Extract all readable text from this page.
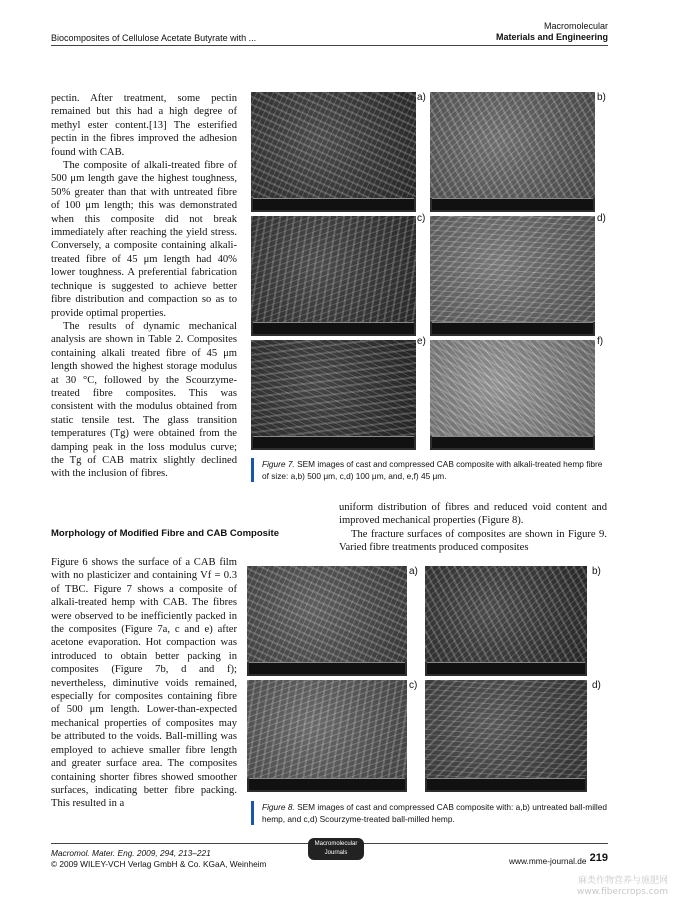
Biocomposites of Cellulose Acetate Butyrate with ...
Macromolecular
Materials and Engineering

pectin. After treatment, some pectin remained but this had a high degree of methyl ester content.[13] The esterified pectin in the fibres improved the adhesion found with CAB.

The composite of alkali-treated fibre of 500 μm length gave the highest toughness, 50% greater than that with untreated fibre of 100 μm length; this was demonstrated when this composite did not break immediately after reaching the yield stress. Conversely, a composite containing alkali-treated fibre of 45 μm length had 40% lower toughness. A preferential fabrication technique is suggested to achieve better fibre distribution and compaction so as to provide optimal properties.

The results of dynamic mechanical analysis are shown in Table 2. Composites containing alkali treated fibre of 45 μm length showed the highest storage modulus at 30 °C, followed by the Scourzyme-treated fibre composites. This was consistent with the modulus obtained from static tensile test. The glass transition temperatures (Tg) were obtained from the damping peak in the loss modulus curve; the Tg of CAB matrix slightly declined with the inclusion of fibres.

Morphology of Modified Fibre and CAB Composite

Figure 6 shows the surface of a CAB film with no plasticizer and containing Vf = 0.3 of TBC. Figure 7 shows a composite of alkali-treated hemp with CAB. The fibres were observed to be inefficiently packed in the composites (Figure 7a, c and e) after acetone evaporation. Hot compaction was introduced to obtain better packing in composites (Figure 7b, d and f); nevertheless, diminutive voids remained, especially for composites containing fibre of 500 μm length. Lower-than-expected mechanical properties of composites may be attributed to the voids. Ball-milling was employed to achieve smaller fibre length and greater surface area. The composites containing shorter fibres showed smoother surfaces, indicating better fibre packing. This resulted in a

a)	b)
c)	d)
e)	f)
Figure 7. SEM images of cast and compressed CAB composite with alkali-treated hemp fibre of size: a,b) 500 μm, c,d) 100 μm, and, e,f) 45 μm.

uniform distribution of fibres and reduced void content and improved mechanical properties (Figure 8).

The fracture surfaces of composites are shown in Figure 9. Varied fibre treatments produced composites

a)	b)
c)	d)
Figure 8. SEM images of cast and compressed CAB composite with: a,b) untreated ball-milled hemp, and c,d) Scourzyme-treated ball-milled hemp.
Macromol. Mater. Eng. 2009, 294, 213–221
© 2009 WILEY-VCH Verlag GmbH & Co. KGaA, Weinheim
Macromolecular Journals
www.mme-journal.de 219
麻类作物营养与施肥网
www.fibercrops.com
